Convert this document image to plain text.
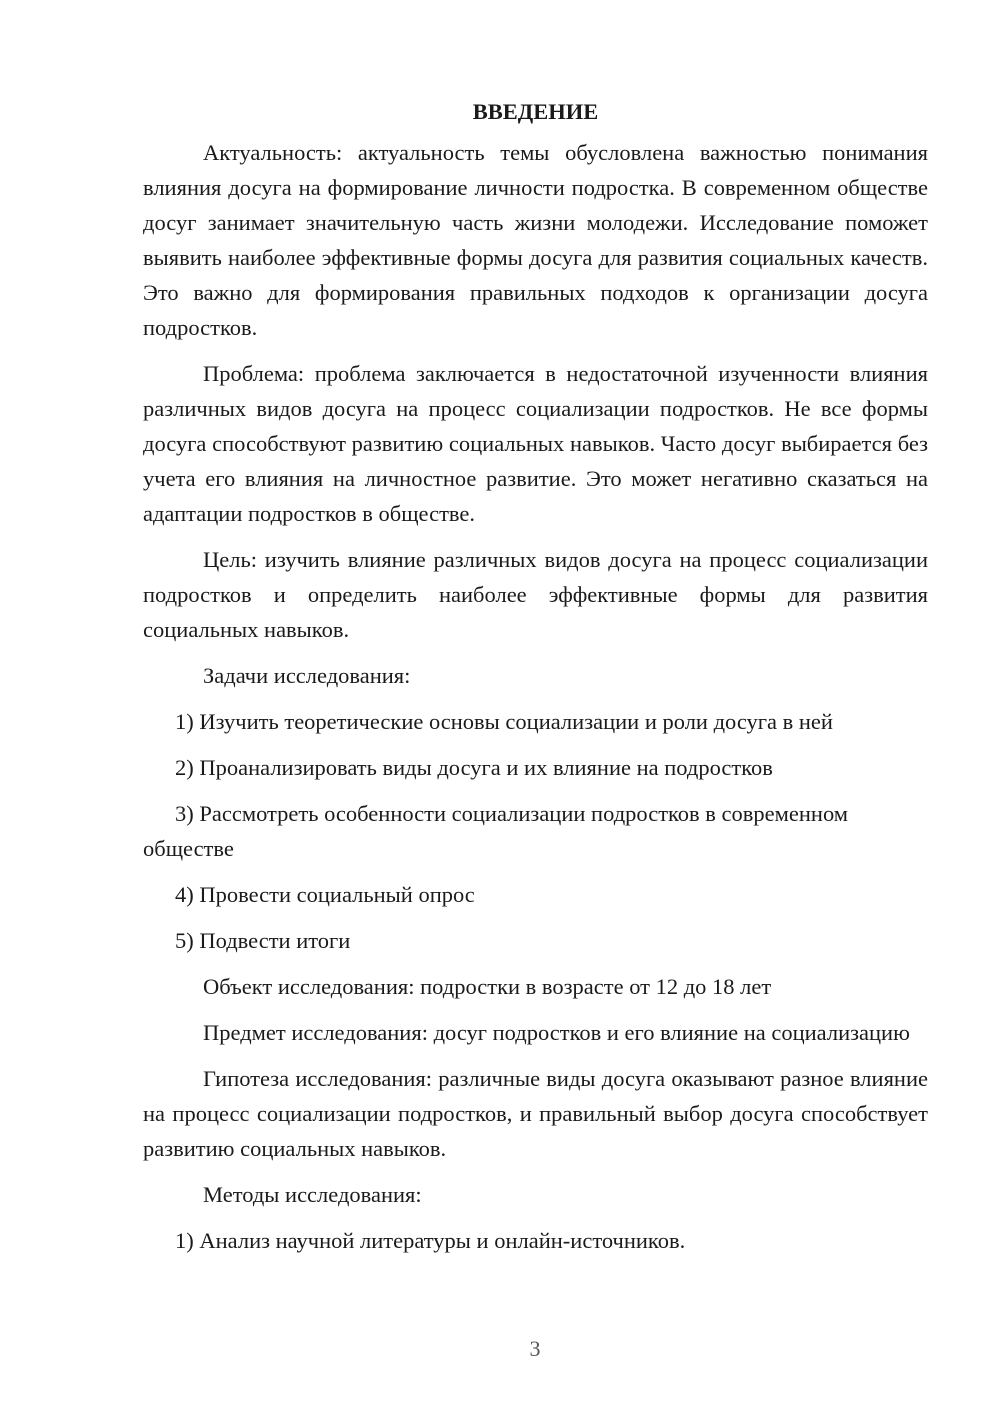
ВВЕДЕНИЕ

Актуальность: актуальность темы обусловлена важностью понимания влияния досуга на формирование личности подростка. В современном обществе досуг занимает значительную часть жизни молодежи. Исследование поможет выявить наиболее эффективные формы досуга для развития социальных качеств. Это важно для формирования правильных подходов к организации досуга подростков.

Проблема: проблема заключается в недостаточной изученности влияния различных видов досуга на процесс социализации подростков. Не все формы досуга способствуют развитию социальных навыков. Часто досуг выбирается без учета его влияния на личностное развитие. Это может негативно сказаться на адаптации подростков в обществе.

Цель: изучить влияние различных видов досуга на процесс социализации подростков и определить наиболее эффективные формы для развития социальных навыков.

Задачи исследования:

1) Изучить теоретические основы социализации и роли досуга в ней

2) Проанализировать виды досуга и их влияние на подростков

3) Рассмотреть особенности социализации подростков в современном обществе

4) Провести социальный опрос

5) Подвести итоги

Объект исследования: подростки в возрасте от 12 до 18 лет

Предмет исследования: досуг подростков и его влияние на социализацию

Гипотеза исследования: различные виды досуга оказывают разное влияние на процесс социализации подростков, и правильный выбор досуга способствует развитию социальных навыков.

Методы исследования:

1) Анализ научной литературы и онлайн-источников.

3
